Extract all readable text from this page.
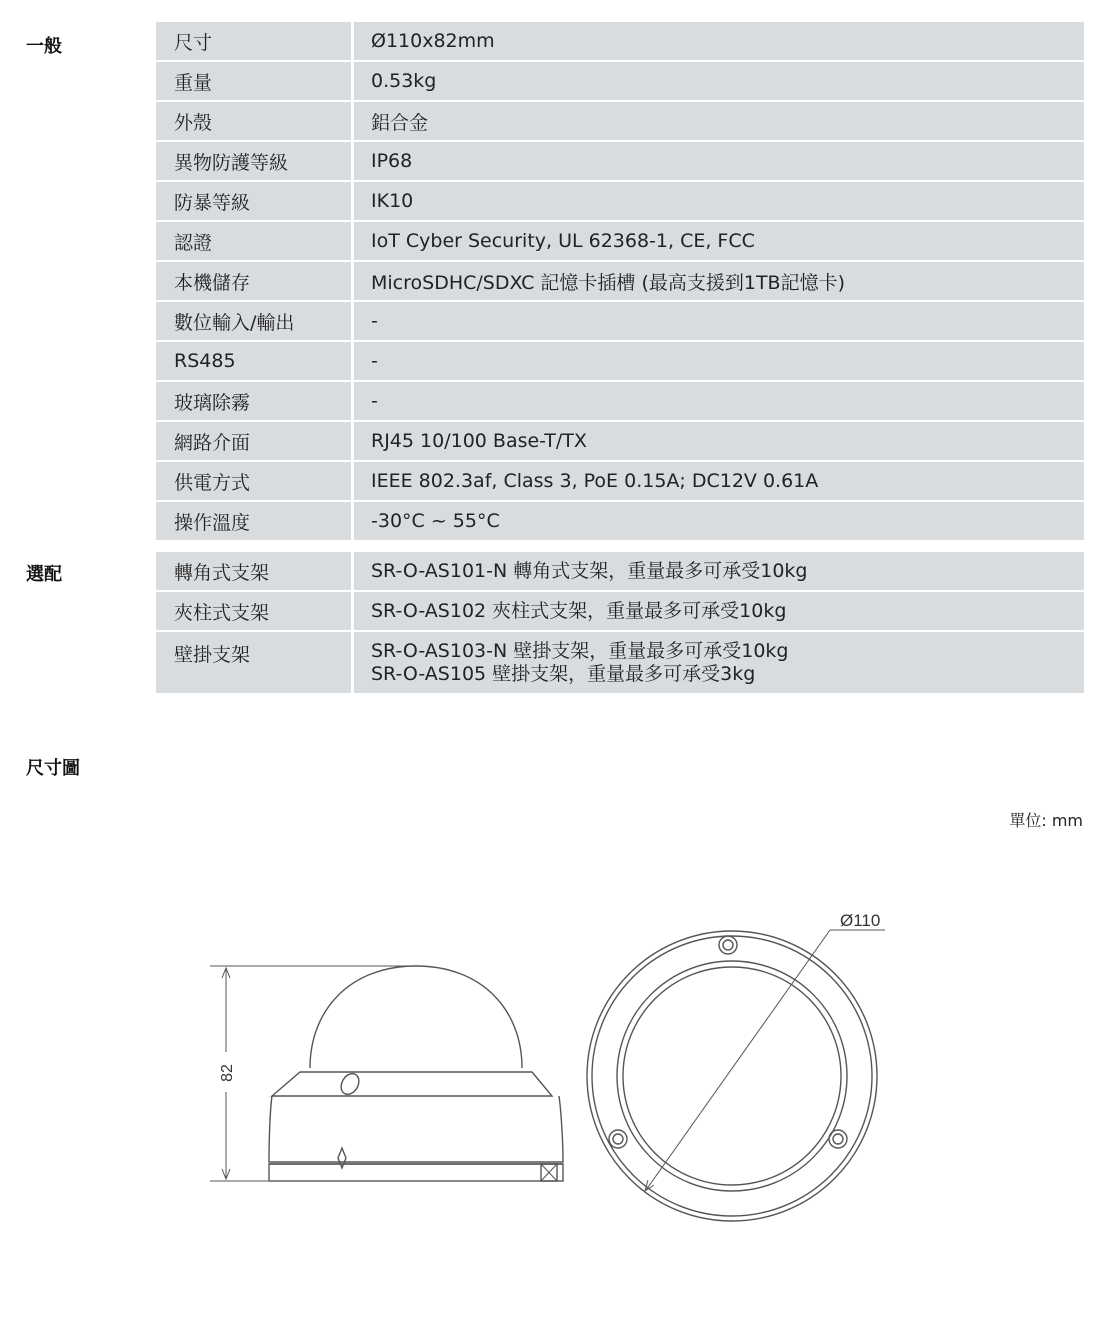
一般	尺寸	Ø110x82mm
重量	0.53kg
外殼	鋁合金
異物防護等級	IP68
防暴等級	IK10
認證	IoT Cyber Security, UL 62368-1, CE, FCC
本機儲存	MicroSDHC/SDXC 記憶卡插槽 (最高支援到1TB記憶卡)
數位輸入/輸出	-
RS485	-
玻璃除霧	-
網路介面	RJ45 10/100 Base-T/TX
供電方式	IEEE 802.3af, Class 3, PoE 0.15A; DC12V 0.61A
操作溫度	-30°C ~ 55°C
選配	轉角式支架	SR-O-AS101-N 轉角式支架，重量最多可承受10kg
夾柱式支架	SR-O-AS102 夾柱式支架，重量最多可承受10kg
壁掛支架	SR-O-AS103-N 壁掛支架，重量最多可承受10kg
SR-O-AS105 壁掛支架，重量最多可承受3kg
尺寸圖
單位: mm
82
Ø110
